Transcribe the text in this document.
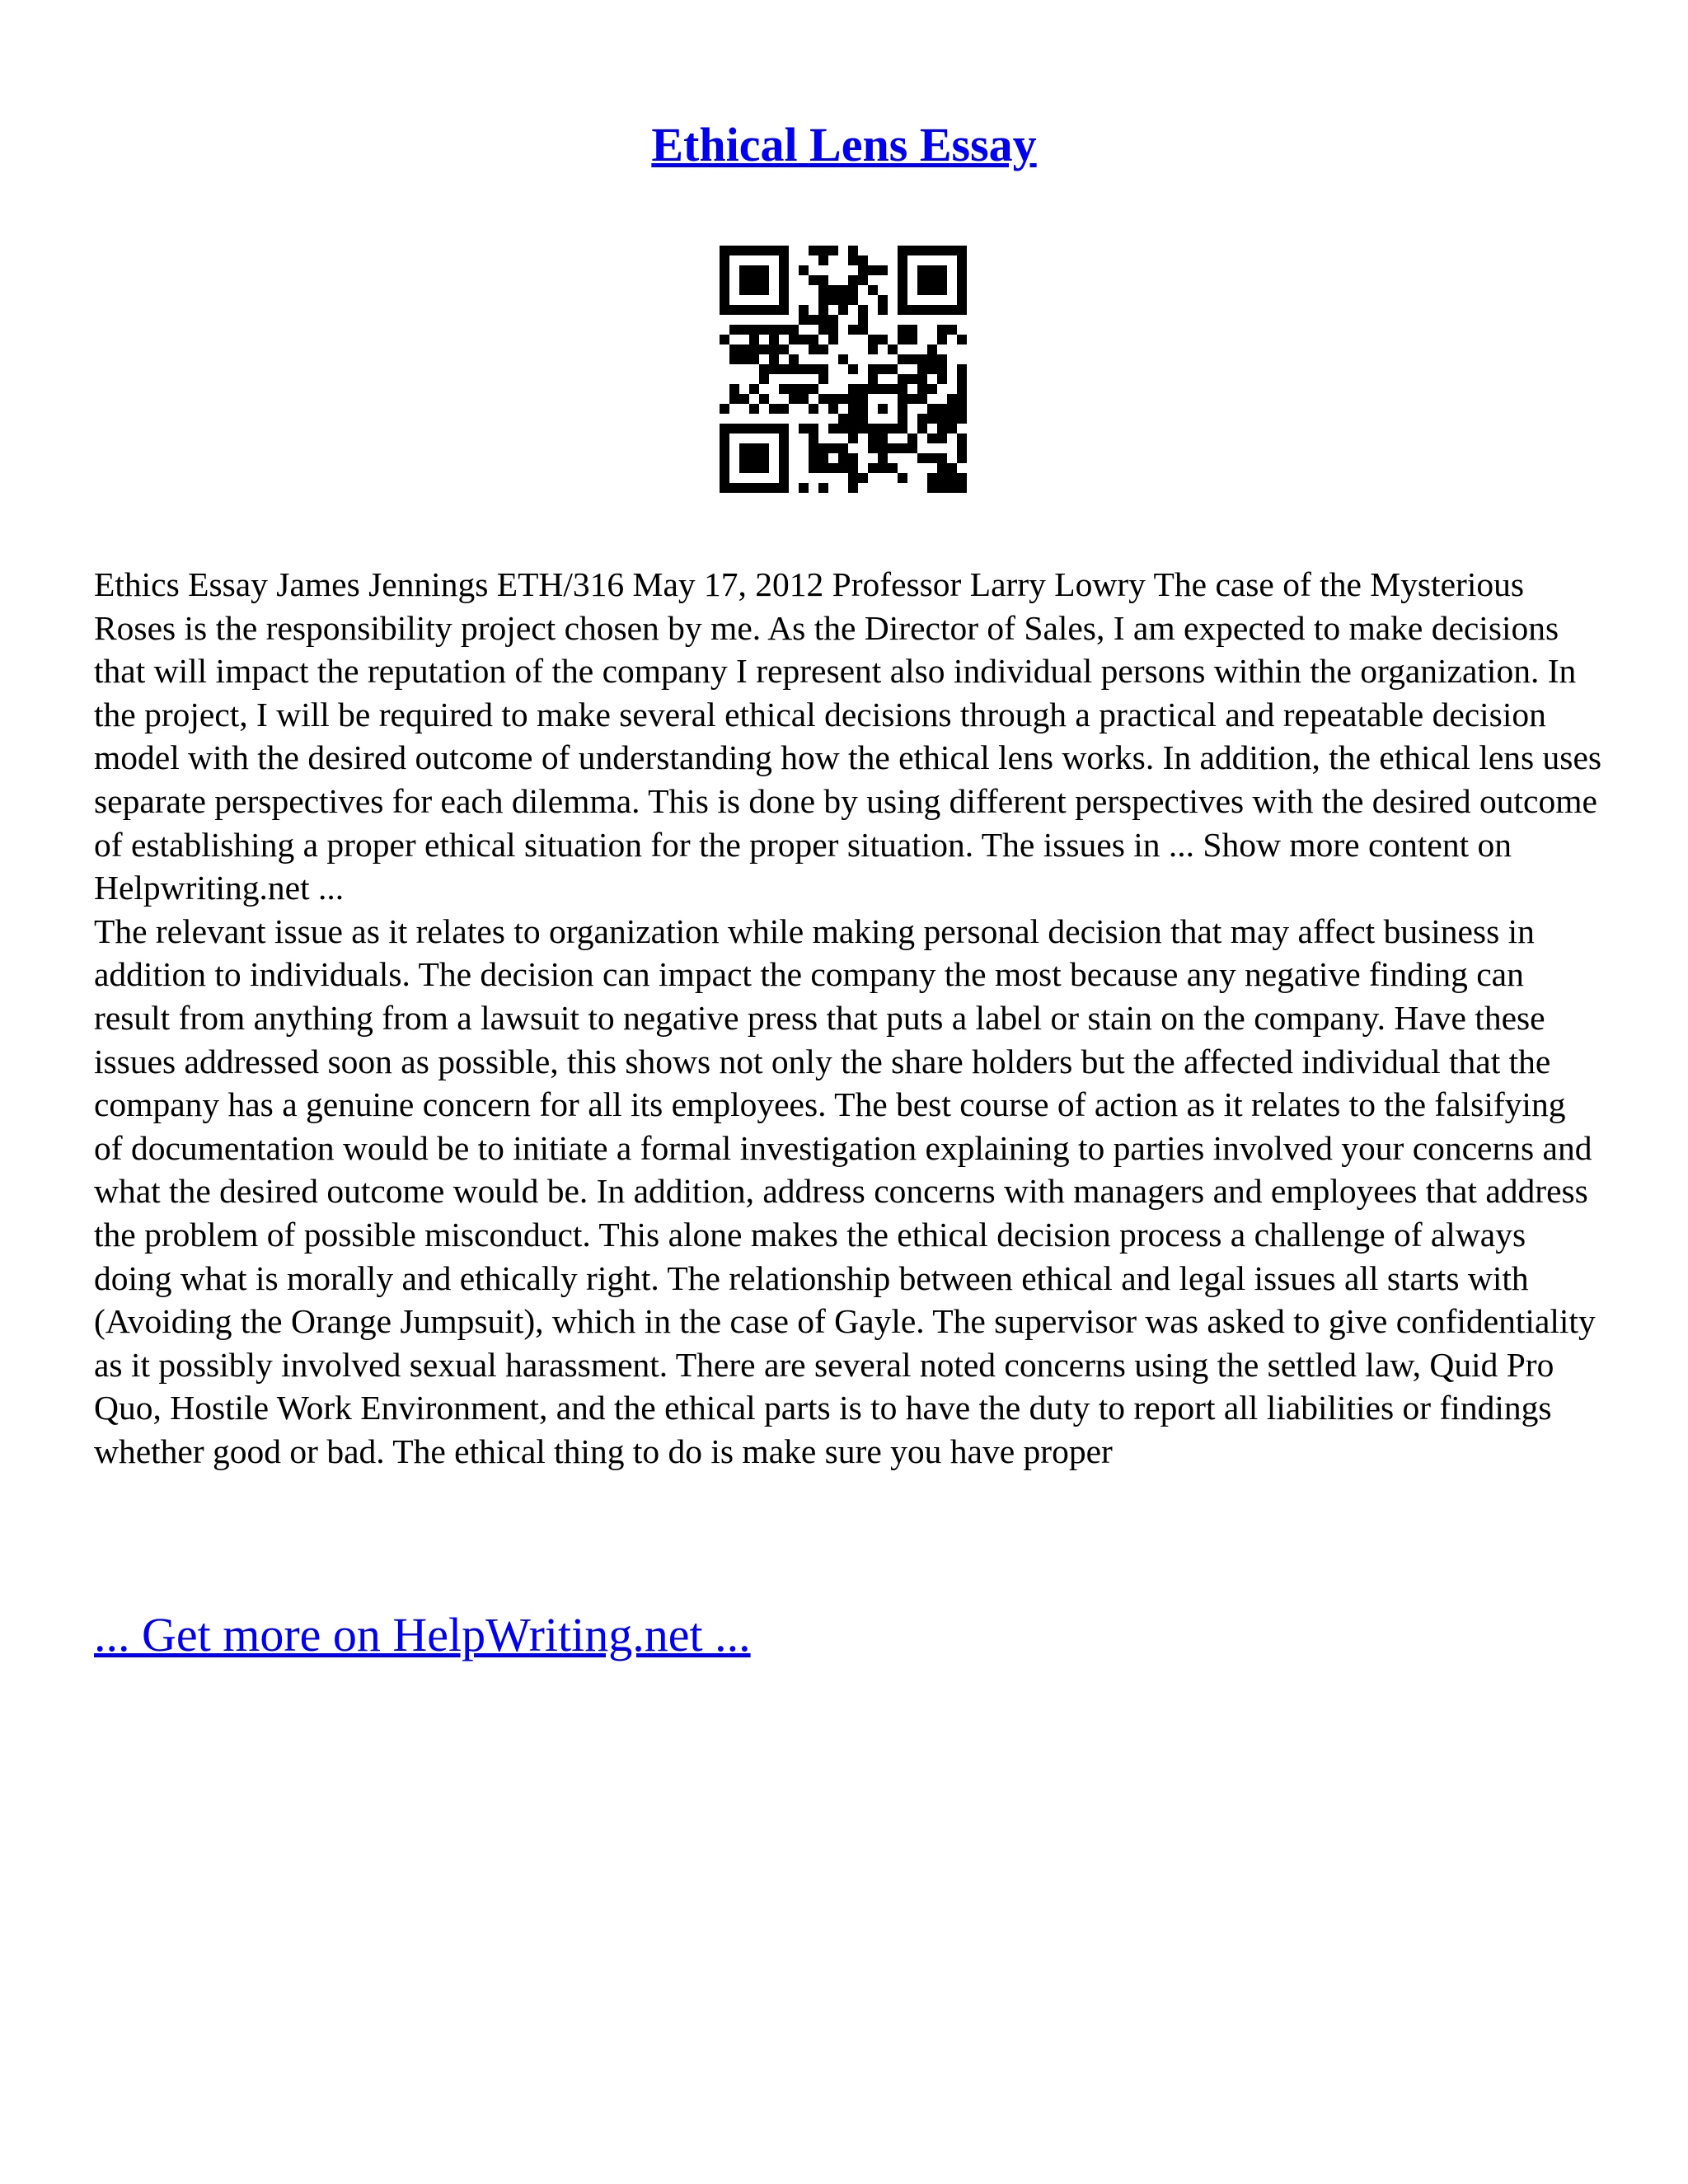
Ethical Lens Essay

Ethics Essay James Jennings ETH/316 May 17, 2012 Professor Larry Lowry The case of the Mysterious Roses is the responsibility project chosen by me. As the Director of Sales, I am expected to make decisions that will impact the reputation of the company I represent also individual persons within the organization. In the project, I will be required to make several ethical decisions through a practical and repeatable decision model with the desired outcome of understanding how the ethical lens works. In addition, the ethical lens uses separate perspectives for each dilemma. This is done by using different perspectives with the desired outcome of establishing a proper ethical situation for the proper situation. The issues in ... Show more content on Helpwriting.net ...

The relevant issue as it relates to organization while making personal decision that may affect business in addition to individuals. The decision can impact the company the most because any negative finding can result from anything from a lawsuit to negative press that puts a label or stain on the company. Have these issues addressed soon as possible, this shows not only the share holders but the affected individual that the company has a genuine concern for all its employees. The best course of action as it relates to the falsifying of documentation would be to initiate a formal investigation explaining to parties involved your concerns and what the desired outcome would be. In addition, address concerns with managers and employees that address the problem of possible misconduct. This alone makes the ethical decision process a challenge of always doing what is morally and ethically right. The relationship between ethical and legal issues all starts with (Avoiding the Orange Jumpsuit), which in the case of Gayle. The supervisor was asked to give confidentiality as it possibly involved sexual harassment. There are several noted concerns using the settled law, Quid Pro Quo, Hostile Work Environment, and the ethical parts is to have the duty to report all liabilities or findings whether good or bad. The ethical thing to do is make sure you have proper

... Get more on HelpWriting.net ...
